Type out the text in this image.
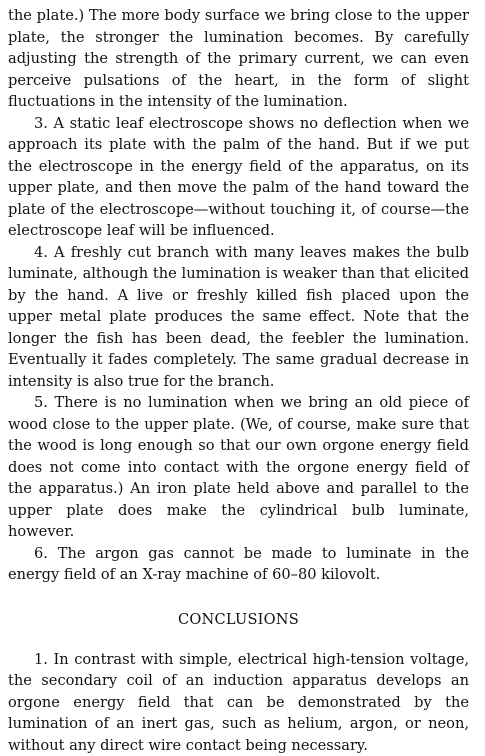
the plate.) The more body surface we bring close to the upper plate, the stronger the lumination becomes. By carefully adjusting the strength of the primary current, we can even perceive pulsations of the heart, in the form of slight fluctuations in the intensity of the lumination.

3. A static leaf electroscope shows no deflection when we approach its plate with the palm of the hand. But if we put the electroscope in the energy field of the apparatus, on its upper plate, and then move the palm of the hand toward the plate of the electroscope—without touching it, of course—the electroscope leaf will be influenced.

4. A freshly cut branch with many leaves makes the bulb luminate, although the lumination is weaker than that elicited by the hand. A live or freshly killed fish placed upon the upper metal plate produces the same effect. Note that the longer the fish has been dead, the feebler the lumination. Eventually it fades completely. The same gradual decrease in intensity is also true for the branch.

5. There is no lumination when we bring an old piece of wood close to the upper plate. (We, of course, make sure that the wood is long enough so that our own orgone energy field does not come into contact with the orgone energy field of the apparatus.) An iron plate held above and parallel to the upper plate does make the cylindrical bulb luminate, however.

6. The argon gas cannot be made to luminate in the energy field of an X-ray machine of 60–80 kilovolt.

CONCLUSIONS

1. In contrast with simple, electrical high-tension voltage, the secondary coil of an induction apparatus develops an orgone energy field that can be demonstrated by the lumination of an inert gas, such as helium, argon, or neon, without any direct wire contact being necessary.
